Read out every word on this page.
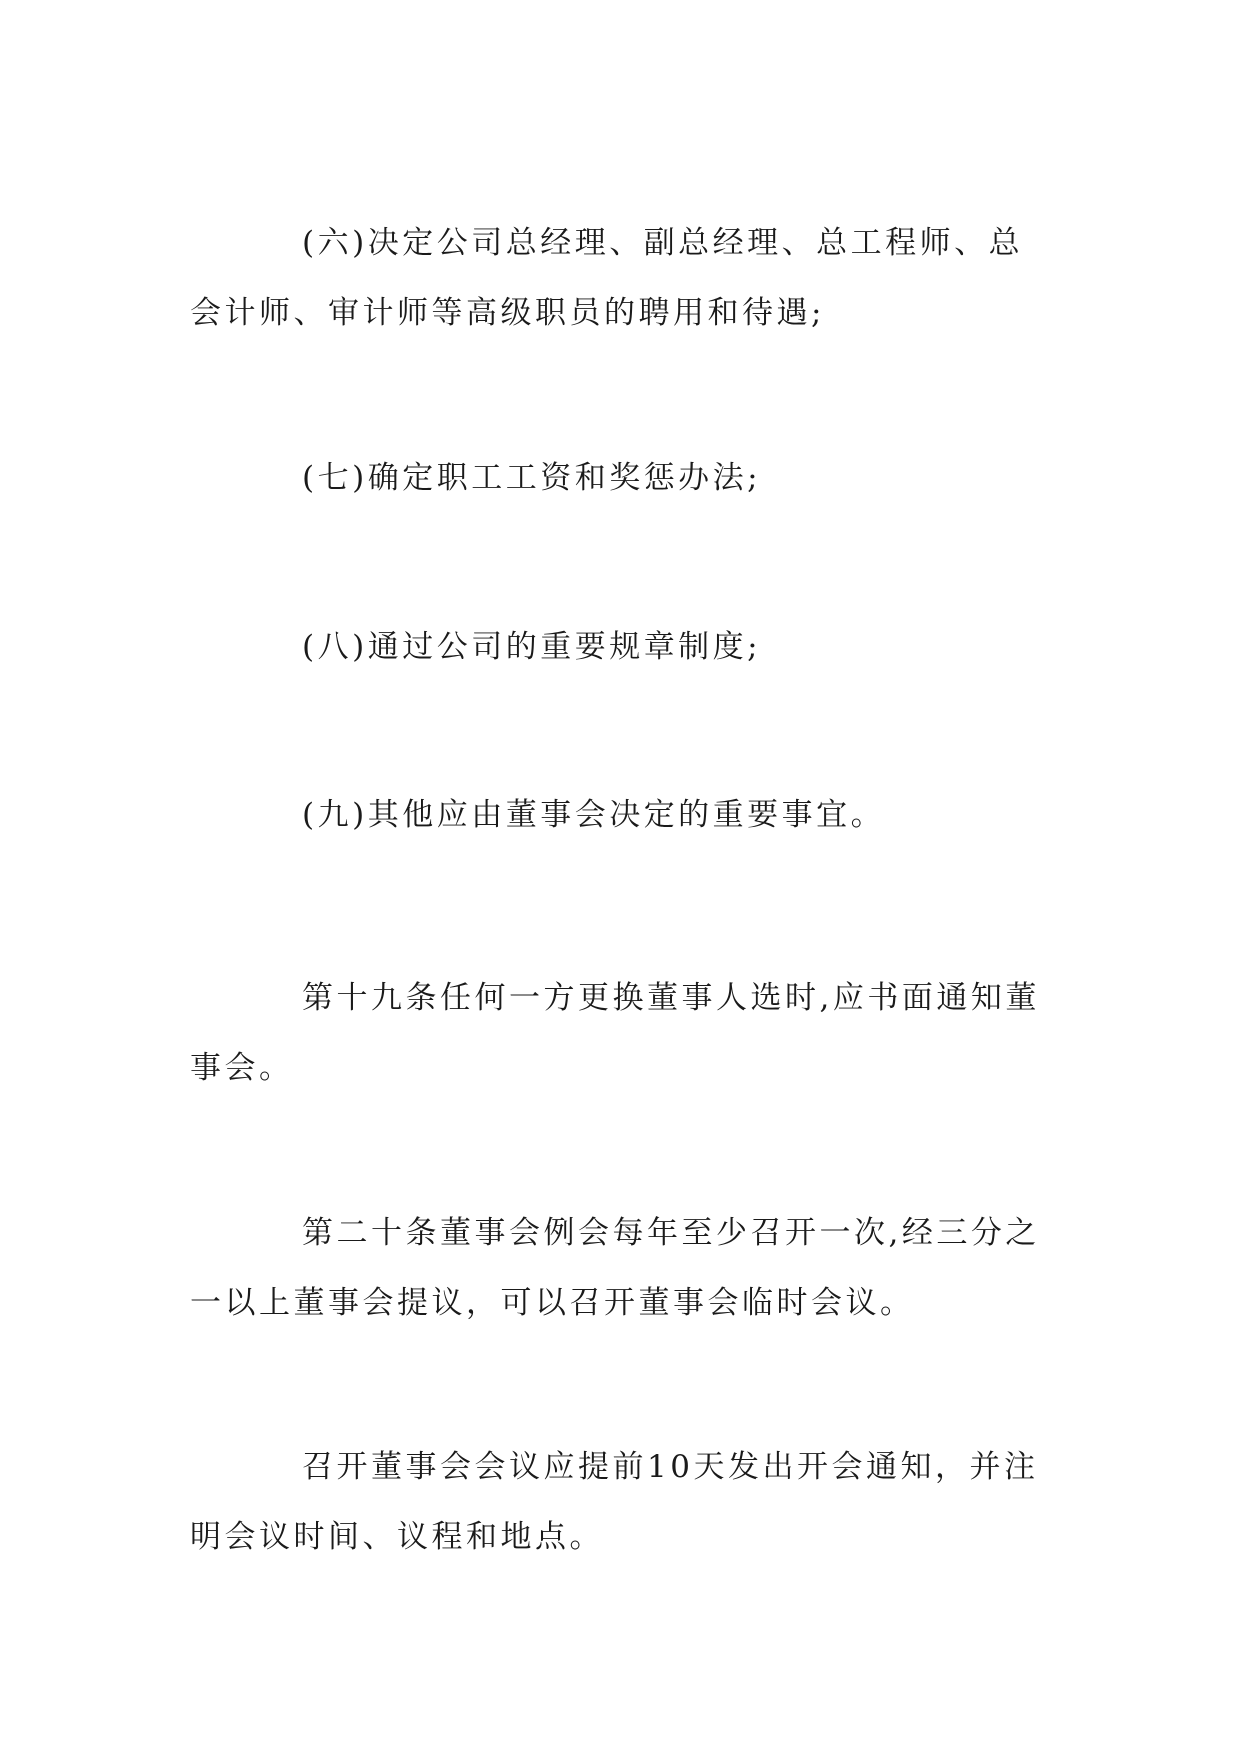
(六)决定公司总经理、副总经理、总工程师、总会计师、审计师等高级职员的聘用和待遇;

(七)确定职工工资和奖惩办法;

(八)通过公司的重要规章制度;

(九)其他应由董事会决定的重要事宜。

第十九条任何一方更换董事人选时,应书面通知董事会。

第二十条董事会例会每年至少召开一次,经三分之一以上董事会提议，可以召开董事会临时会议。

召开董事会会议应提前10天发出开会通知，并注明会议时间、议程和地点。
